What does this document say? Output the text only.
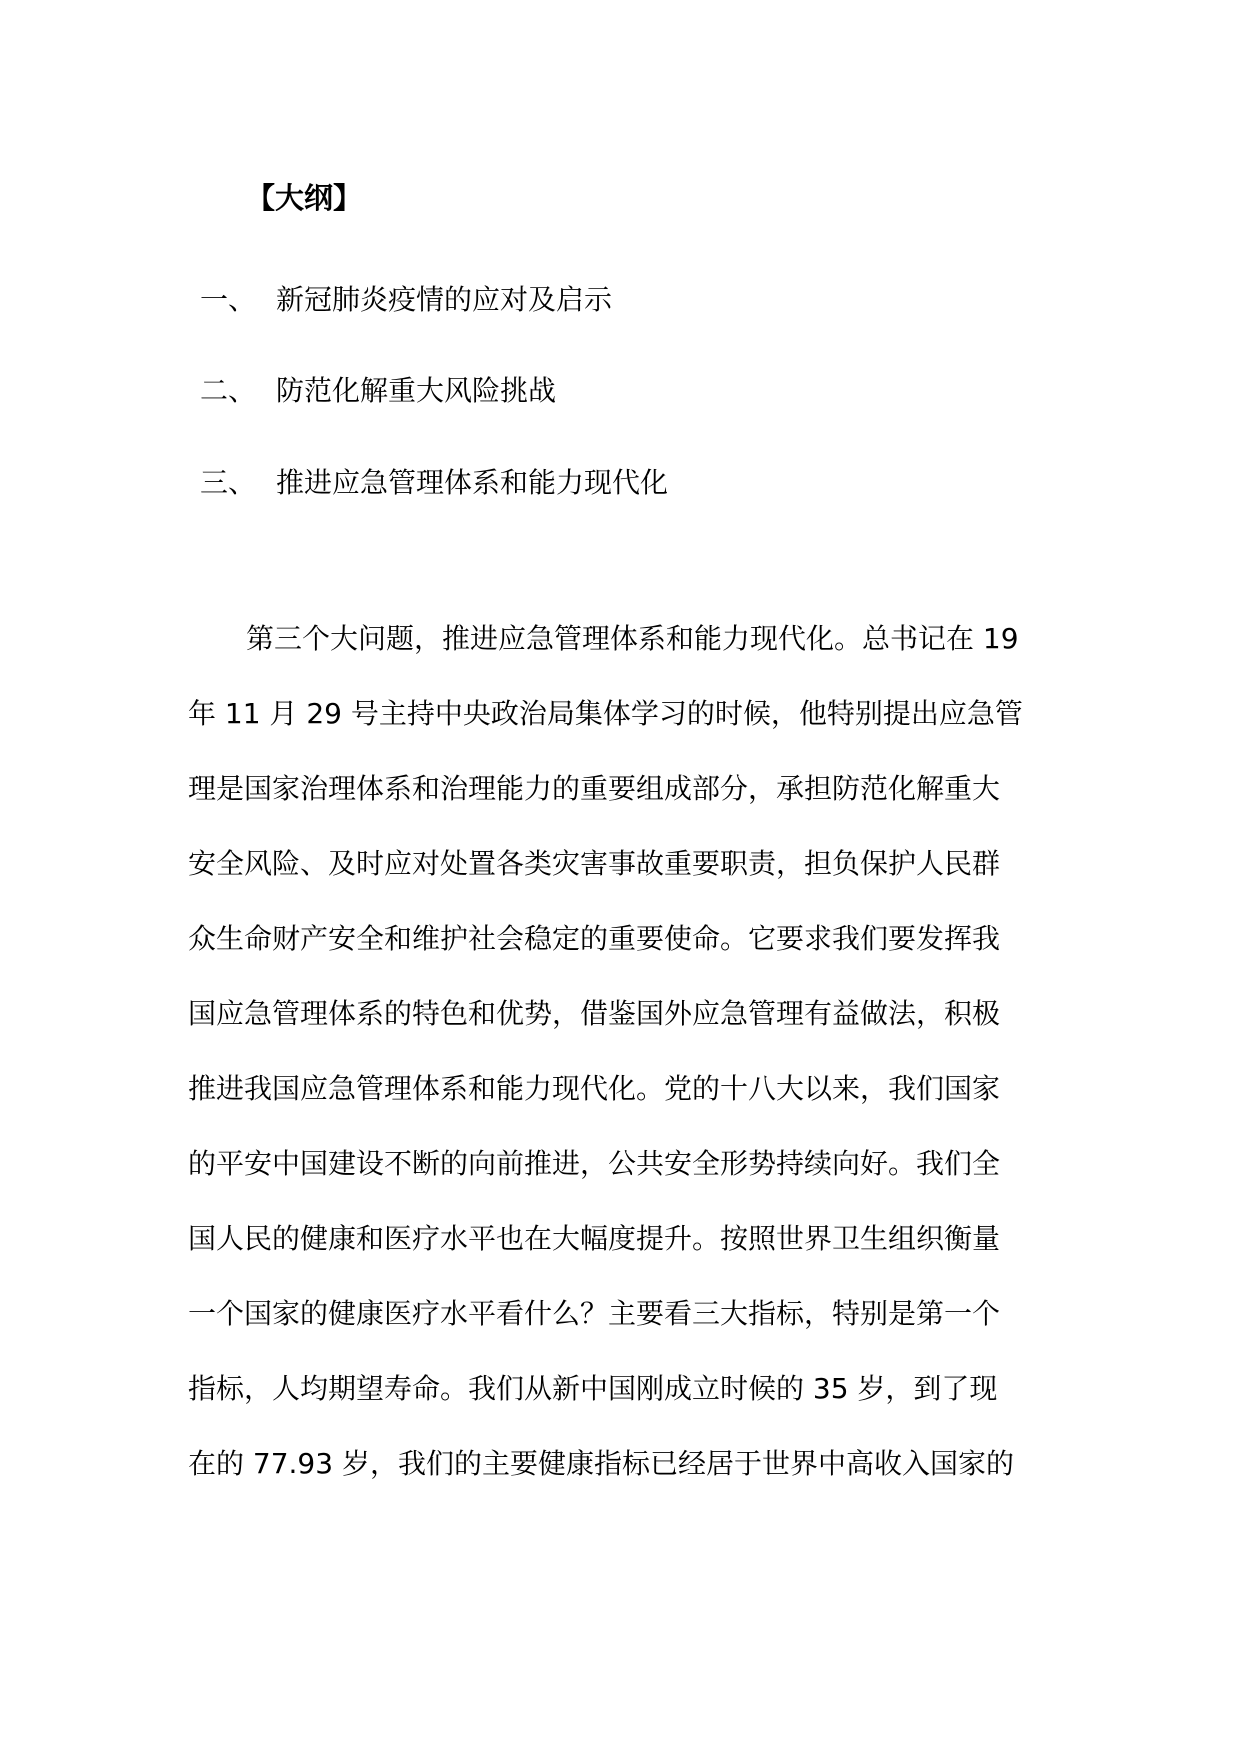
【大纲】
一、 新冠肺炎疫情的应对及启示
二、 防范化解重大风险挑战
三、 推进应急管理体系和能力现代化
第三个大问题，推进应急管理体系和能力现代化。总书记在 19
年 11 月 29 号主持中央政治局集体学习的时候，他特别提出应急管
理是国家治理体系和治理能力的重要组成部分，承担防范化解重大
安全风险、及时应对处置各类灾害事故重要职责，担负保护人民群
众生命财产安全和维护社会稳定的重要使命。它要求我们要发挥我
国应急管理体系的特色和优势，借鉴国外应急管理有益做法，积极
推进我国应急管理体系和能力现代化。党的十八大以来，我们国家
的平安中国建设不断的向前推进，公共安全形势持续向好。我们全
国人民的健康和医疗水平也在大幅度提升。按照世界卫生组织衡量
一个国家的健康医疗水平看什么？主要看三大指标，特别是第一个
指标，人均期望寿命。我们从新中国刚成立时候的 35 岁，到了现
在的 77.93 岁，我们的主要健康指标已经居于世界中高收入国家的
